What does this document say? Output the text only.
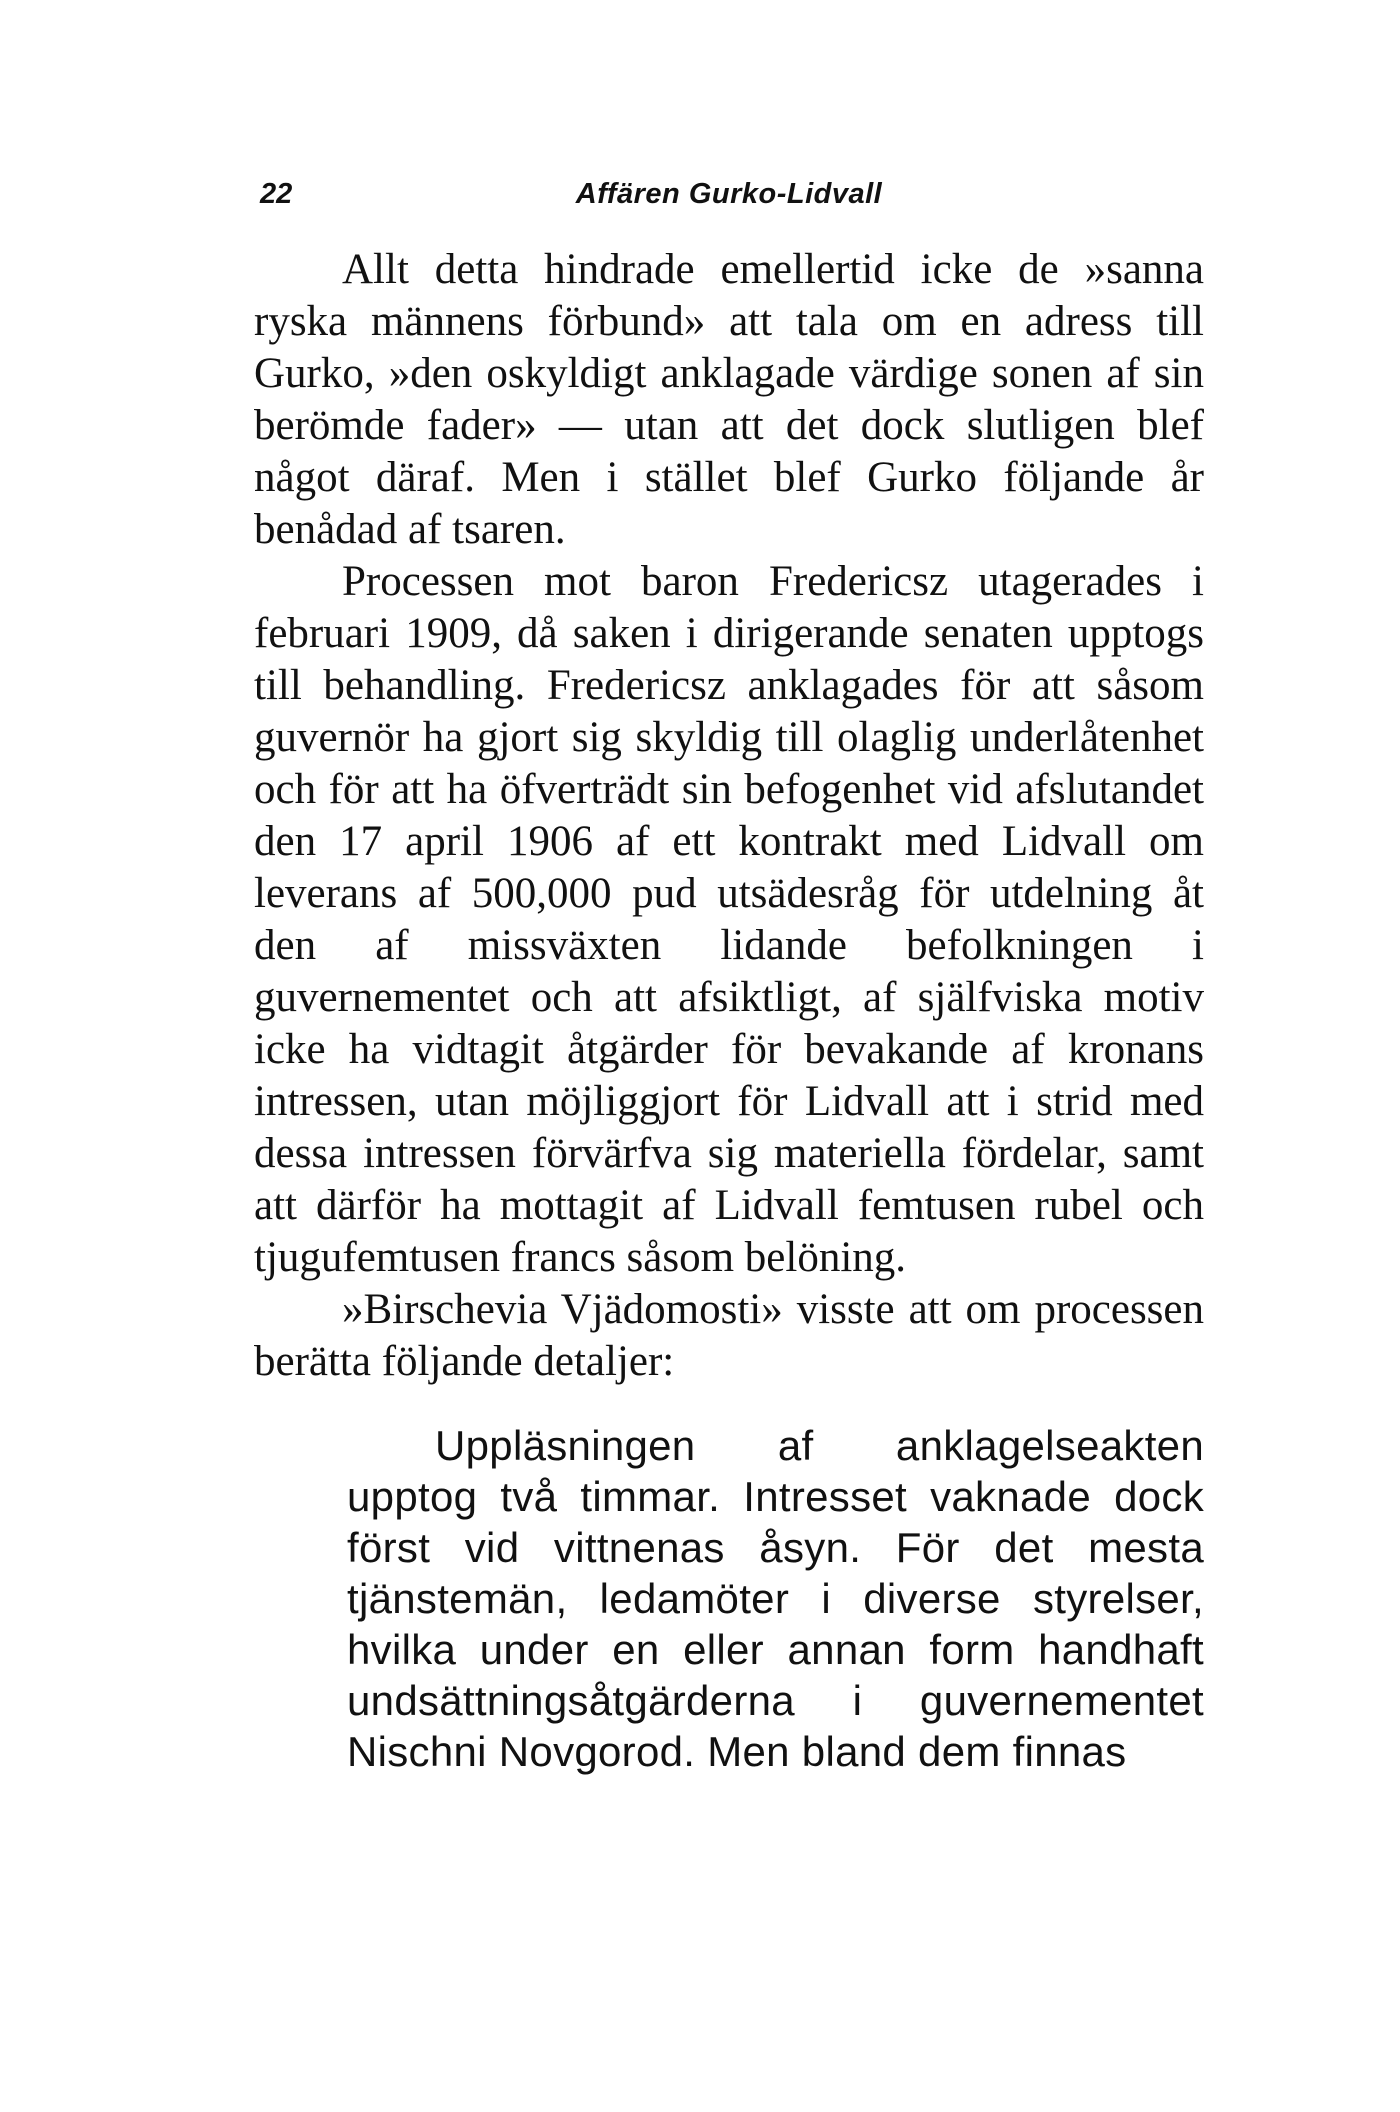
22	Affären Gurko-Lidvall

Allt detta hindrade emellertid icke de »sanna ryska männens förbund» att tala om en adress till Gurko, »den oskyldigt anklagade värdige sonen af sin berömde fader» — utan att det dock slutligen blef något däraf. Men i stället blef Gurko följande år benådad af tsaren.

Processen mot baron Fredericsz utagerades i februari 1909, då saken i dirigerande senaten upptogs till behandling. Fredericsz anklagades för att såsom guvernör ha gjort sig skyldig till olaglig underlåtenhet och för att ha öfverträdt sin befogenhet vid afslutandet den 17 april 1906 af ett kontrakt med Lidvall om leverans af 500,000 pud utsädesråg för utdelning åt den af missväxten lidande befolkningen i guvernementet och att afsiktligt, af själfviska motiv icke ha vidtagit åtgärder för bevakande af kronans intressen, utan möjliggjort för Lidvall att i strid med dessa intressen förvärfva sig materiella fördelar, samt att därför ha mottagit af Lidvall femtusen rubel och tjugufemtusen francs såsom belöning.

»Birschevia Vjädomosti» visste att om processen berätta följande detaljer:

Uppläsningen af anklagelseakten upptog två timmar. Intresset vaknade dock först vid vittnenas åsyn. För det mesta tjänstemän, ledamöter i diverse styrelser, hvilka under en eller annan form handhaft undsättningsåtgärderna i guvernementet Nischni Novgorod. Men bland dem finnas
